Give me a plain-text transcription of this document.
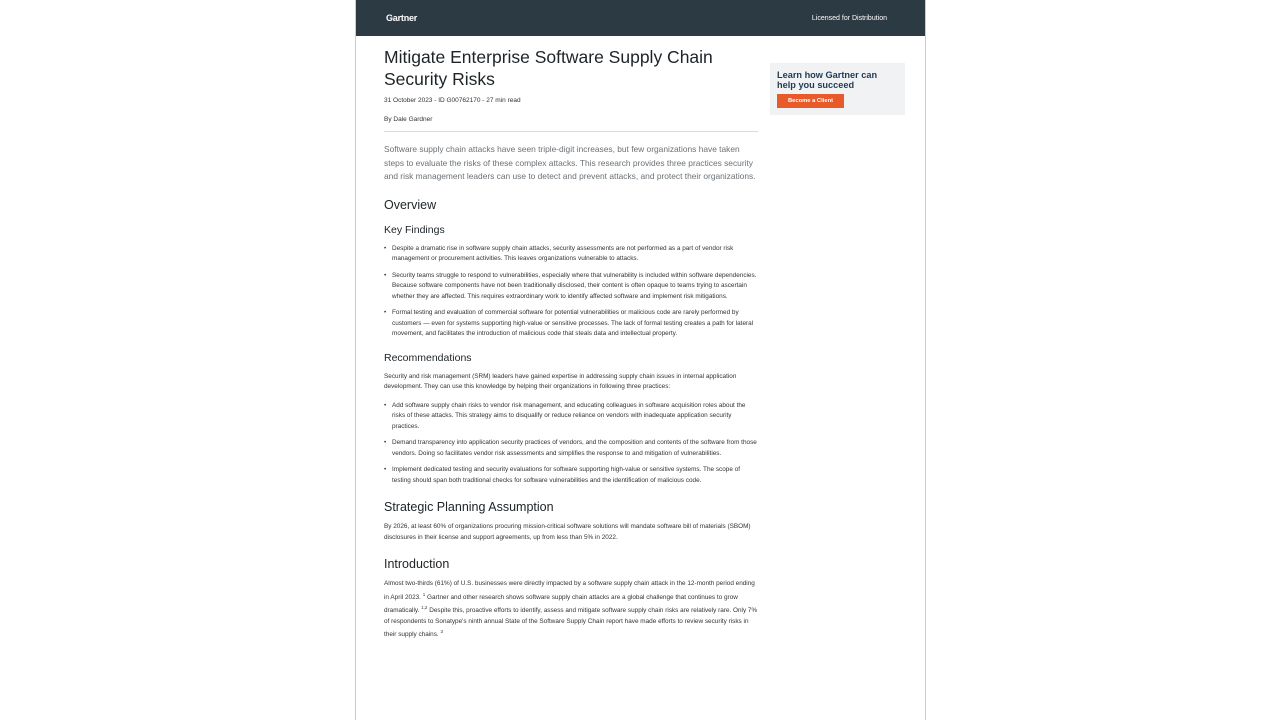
Gartner	Licensed for Distribution
Mitigate Enterprise Software Supply Chain Security Risks
31 October 2023 - ID G00762170 - 27 min read
By Dale Gardner
Software supply chain attacks have seen triple-digit increases, but few organizations have taken steps to evaluate the risks of these complex attacks. This research provides three practices security and risk management leaders can use to detect and prevent attacks, and protect their organizations.
Overview
Key Findings
• Despite a dramatic rise in software supply chain attacks, security assessments are not performed as a part of vendor risk management or procurement activities. This leaves organizations vulnerable to attacks.
• Security teams struggle to respond to vulnerabilities, especially where that vulnerability is included within software dependencies. Because software components have not been traditionally disclosed, their content is often opaque to teams trying to ascertain whether they are affected. This requires extraordinary work to identify affected software and implement risk mitigations.
• Formal testing and evaluation of commercial software for potential vulnerabilities or malicious code are rarely performed by customers — even for systems supporting high-value or sensitive processes. The lack of formal testing creates a path for lateral movement, and facilitates the introduction of malicious code that steals data and intellectual property.
Recommendations
Security and risk management (SRM) leaders have gained expertise in addressing supply chain issues in internal application development. They can use this knowledge by helping their organizations in following three practices:
• Add software supply chain risks to vendor risk management, and educating colleagues in software acquisition roles about the risks of these attacks. This strategy aims to disqualify or reduce reliance on vendors with inadequate application security practices.
• Demand transparency into application security practices of vendors, and the composition and contents of the software from those vendors. Doing so facilitates vendor risk assessments and simplifies the response to and mitigation of vulnerabilities.
• Implement dedicated testing and security evaluations for software supporting high-value or sensitive systems. The scope of testing should span both traditional checks for software vulnerabilities and the identification of malicious code.
Strategic Planning Assumption
By 2026, at least 60% of organizations procuring mission-critical software solutions will mandate software bill of materials (SBOM) disclosures in their license and support agreements, up from less than 5% in 2022.
Introduction
Almost two-thirds (61%) of U.S. businesses were directly impacted by a software supply chain attack in the 12-month period ending in April 2023. $^1$ Gartner and other research shows software supply chain attacks are a global challenge that continues to grow dramatically. $^{1,2}$ Despite this, proactive efforts to identify, assess and mitigate software supply chain risks are relatively rare. Only 7% of respondents to Sonatype's ninth annual State of the Software Supply Chain report have made efforts to review security risks in their supply chains. $^3$
Learn how Gartner can help you succeed
Become a Client
